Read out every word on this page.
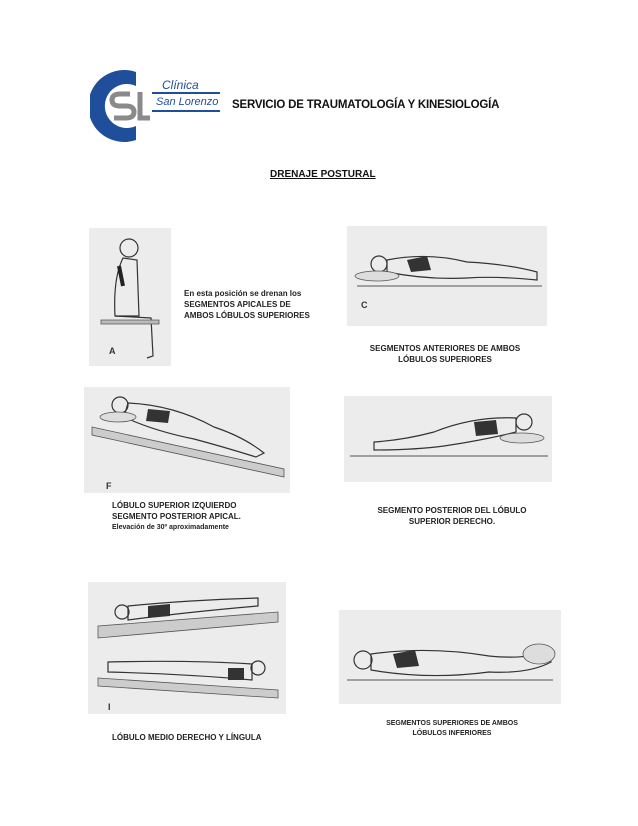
Clínica
San Lorenzo SERVICIO DE TRAUMATOLOGÍA Y KINESIOLOGÍA
DRENAJE POSTURAL
A
En esta posición se drenan los
SEGMENTOS APICALES DE
AMBOS LÓBULOS SUPERIORES
C
SEGMENTOS ANTERIORES DE AMBOS
LÓBULOS SUPERIORES
F
LÓBULO SUPERIOR IZQUIERDO
SEGMENTO POSTERIOR APICAL.
Elevación de 30º aproximadamente
SEGMENTO POSTERIOR DEL LÓBULO
SUPERIOR DERECHO.
I
LÓBULO MEDIO DERECHO Y LÍNGULA
SEGMENTOS SUPERIORES DE AMBOS
LÓBULOS INFERIORES
